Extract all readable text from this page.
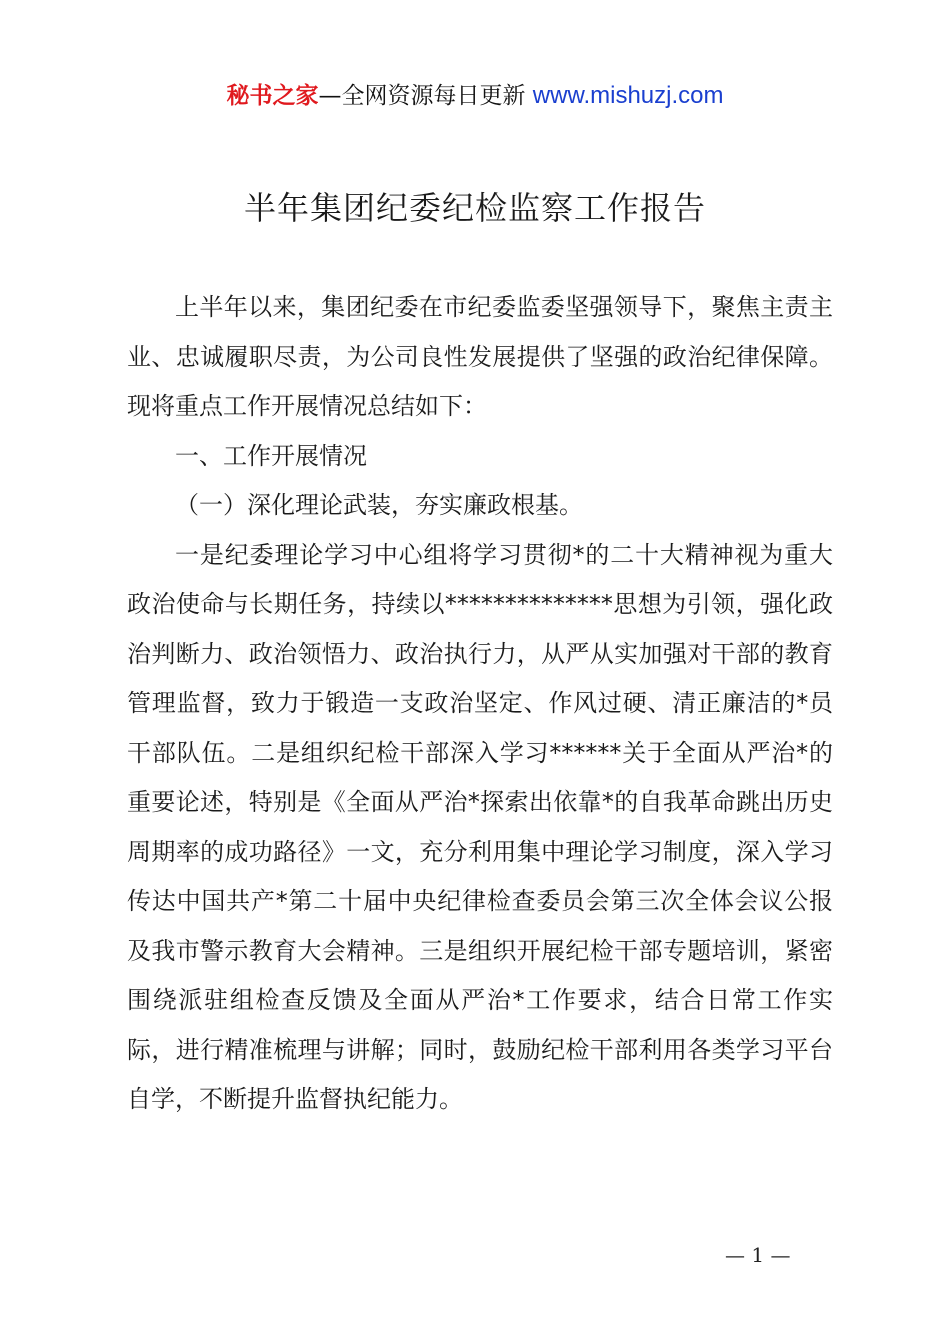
秘书之家—全网资源每日更新 www.mishuzj.com
半年集团纪委纪检监察工作报告

上半年以来，集团纪委在市纪委监委坚强领导下，聚焦主责主业、忠诚履职尽责，为公司良性发展提供了坚强的政治纪律保障。现将重点工作开展情况总结如下：

一、工作开展情况

（一）深化理论武装，夯实廉政根基。

一是纪委理论学习中心组将学习贯彻*的二十大精神视为重大政治使命与长期任务，持续以**************思想为引领，强化政治判断力、政治领悟力、政治执行力，从严从实加强对干部的教育管理监督，致力于锻造一支政治坚定、作风过硬、清正廉洁的*员干部队伍。二是组织纪检干部深入学习******关于全面从严治*的重要论述，特别是《全面从严治*探索出依靠*的自我革命跳出历史周期率的成功路径》一文，充分利用集中理论学习制度，深入学习传达中国共产*第二十届中央纪律检查委员会第三次全体会议公报及我市警示教育大会精神。三是组织开展纪检干部专题培训，紧密围绕派驻组检查反馈及全面从严治*工作要求，结合日常工作实际，进行精准梳理与讲解；同时，鼓励纪检干部利用各类学习平台自学，不断提升监督执纪能力。

— 1 —
